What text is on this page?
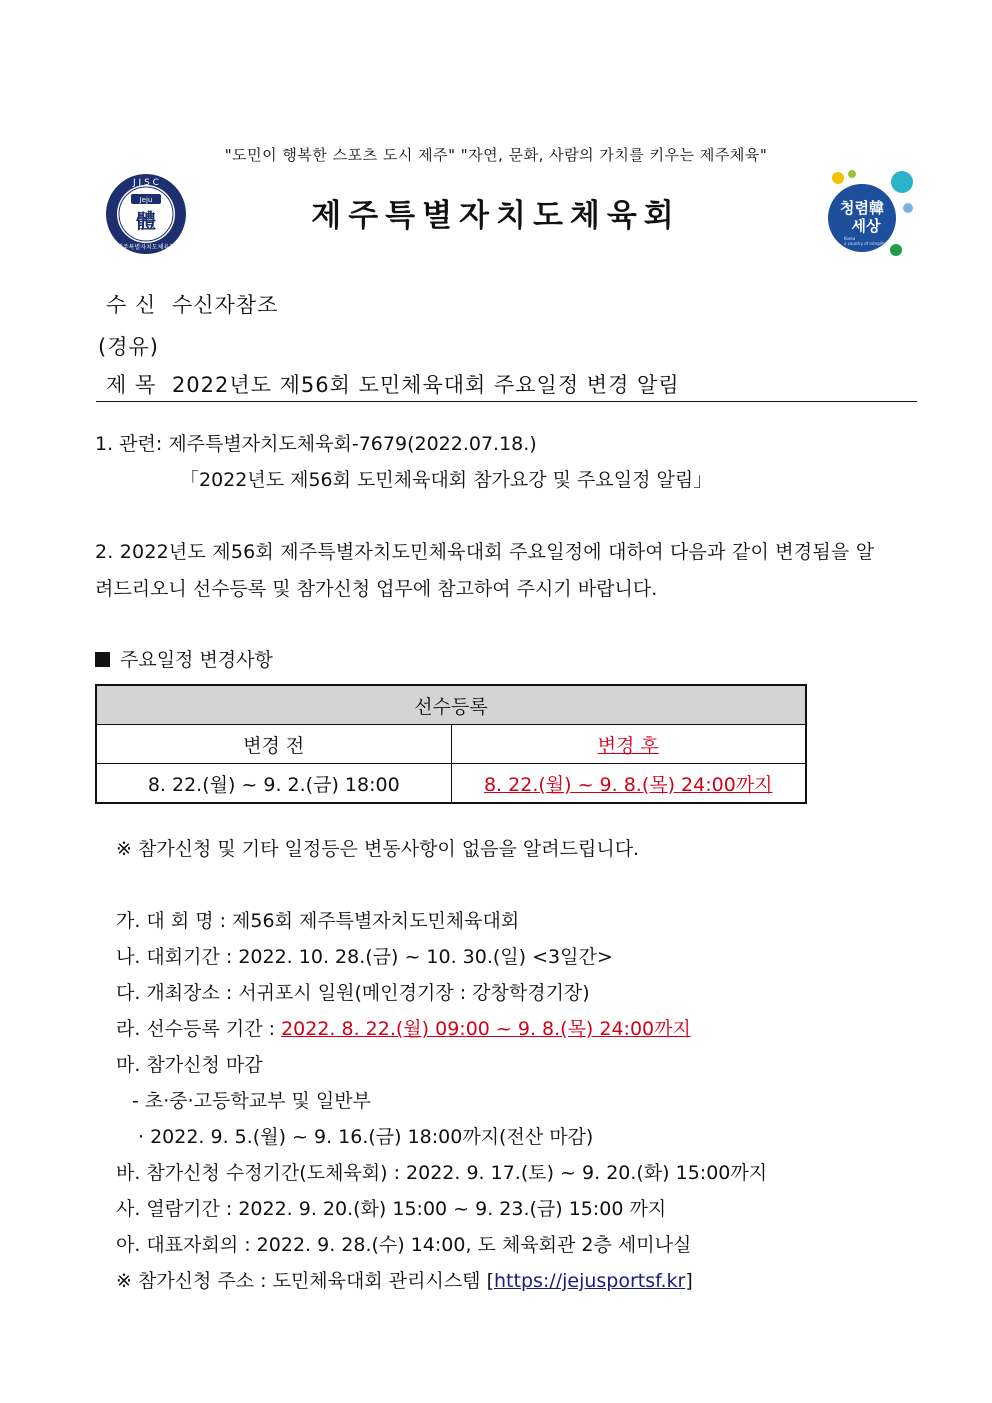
"도민이 행복한 스포츠 도시 제주" "자연, 문화, 사람의 가치를 키우는 제주체육"
J J S C
Jeju
體
제주특별자치도체육회
제주특별자치도체육회	청렴韓
세상
Korea
a country of integrity
수 신 수신자참조
(경유)
제 목 2022년도 제56회 도민체육대회 주요일정 변경 알림
1. 관련: 제주특별자치도체육회-7679(2022.07.18.)
「2022년도 제56회 도민체육대회 참가요강 및 주요일정 알림」
2. 2022년도 제56회 제주특별자치도민체육대회 주요일정에 대하여 다음과 같이 변경됨을 알
려드리오니 선수등록 및 참가신청 업무에 참고하여 주시기 바랍니다.
주요일정 변경사항
선수등록	
변경 전	변경 후
8. 22.(월) ~ 9. 2.(금) 18:00	8. 22.(월) ~ 9. 8.(목) 24:00까지
※ 참가신청 및 기타 일정등은 변동사항이 없음을 알려드립니다.
가. 대 회 명 : 제56회 제주특별자치도민체육대회
나. 대회기간 : 2022. 10. 28.(금) ~ 10. 30.(일) <3일간>
다. 개최장소 : 서귀포시 일원(메인경기장 : 강창학경기장)
라. 선수등록 기간 : 2022. 8. 22.(월) 09:00 ~ 9. 8.(목) 24:00까지
마. 참가신청 마감
- 초·중·고등학교부 및 일반부
· 2022. 9. 5.(월) ~ 9. 16.(금) 18:00까지(전산 마감)
바. 참가신청 수정기간(도체육회) : 2022. 9. 17.(토) ~ 9. 20.(화) 15:00까지
사. 열람기간 : 2022. 9. 20.(화) 15:00 ~ 9. 23.(금) 15:00 까지
아. 대표자회의 : 2022. 9. 28.(수) 14:00, 도 체육회관 2층 세미나실
※ 참가신청 주소 : 도민체육대회 관리시스템 [https://jejusportsf.kr]
